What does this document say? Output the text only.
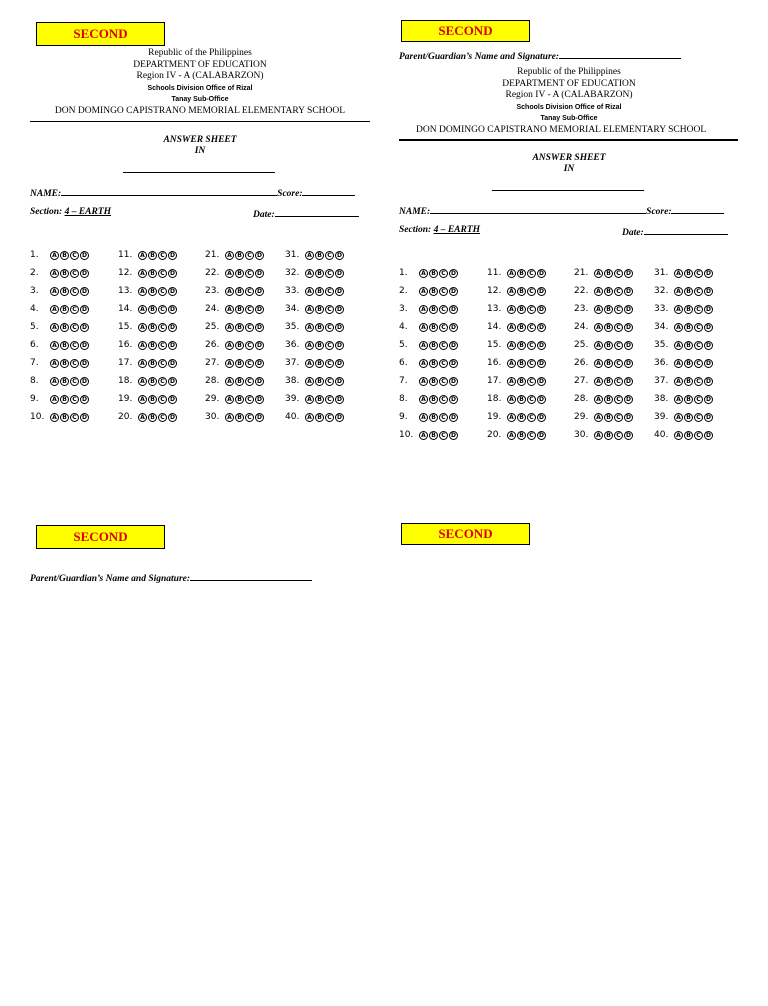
SECOND
Republic of the Philippines
DEPARTMENT OF EDUCATION
Region IV - A (CALABARZON)
Schools Division Office of Rizal
Tanay Sub-Office
DON DOMINGO CAPISTRANO MEMORIAL ELEMENTARY SCHOOL
ANSWER SHEET
IN
NAME:	Score:
Section: 4 – EARTH	Date:
1.	A B C D
2.	A B C D
3.	A B C D
4.	A B C D
5.	A B C D
6.	A B C D
7.	A B C D
8.	A B C D
9.	A B C D
10.	A B C D
11.	A B C D
12.	A B C D
13.	A B C D
14.	A B C D
15.	A B C D
16.	A B C D
17.	A B C D
18.	A B C D
19.	A B C D
20.	A B C D
21.	A B C D
22.	A B C D
23.	A B C D
24.	A B C D
25.	A B C D
26.	A B C D
27.	A B C D
28.	A B C D
29.	A B C D
30.	A B C D
31.	A B C D
32.	A B C D
33.	A B C D
34.	A B C D
35.	A B C D
36.	A B C D
37.	A B C D
38.	A B C D
39.	A B C D
40.	A B C D
SECOND
Parent/Guardian’s Name and Signature:
Republic of the Philippines
DEPARTMENT OF EDUCATION
Region IV - A (CALABARZON)
Schools Division Office of Rizal
Tanay Sub-Office
DON DOMINGO CAPISTRANO MEMORIAL ELEMENTARY SCHOOL
ANSWER SHEET
IN
NAME:	Score:
Section: 4 – EARTH	Date:
1.	A B C D
2.	A B C D
3.	A B C D
4.	A B C D
5.	A B C D
6.	A B C D
7.	A B C D
8.	A B C D
9.	A B C D
10.	A B C D
11.	A B C D
12.	A B C D
13.	A B C D
14.	A B C D
15.	A B C D
16.	A B C D
17.	A B C D
18.	A B C D
19.	A B C D
20.	A B C D
21.	A B C D
22.	A B C D
23.	A B C D
24.	A B C D
25.	A B C D
26.	A B C D
27.	A B C D
28.	A B C D
29.	A B C D
30.	A B C D
31.	A B C D
32.	A B C D
33.	A B C D
34.	A B C D
35.	A B C D
36.	A B C D
37.	A B C D
38.	A B C D
39.	A B C D
40.	A B C D
SECOND
Parent/Guardian’s Name and Signature:
SECOND
